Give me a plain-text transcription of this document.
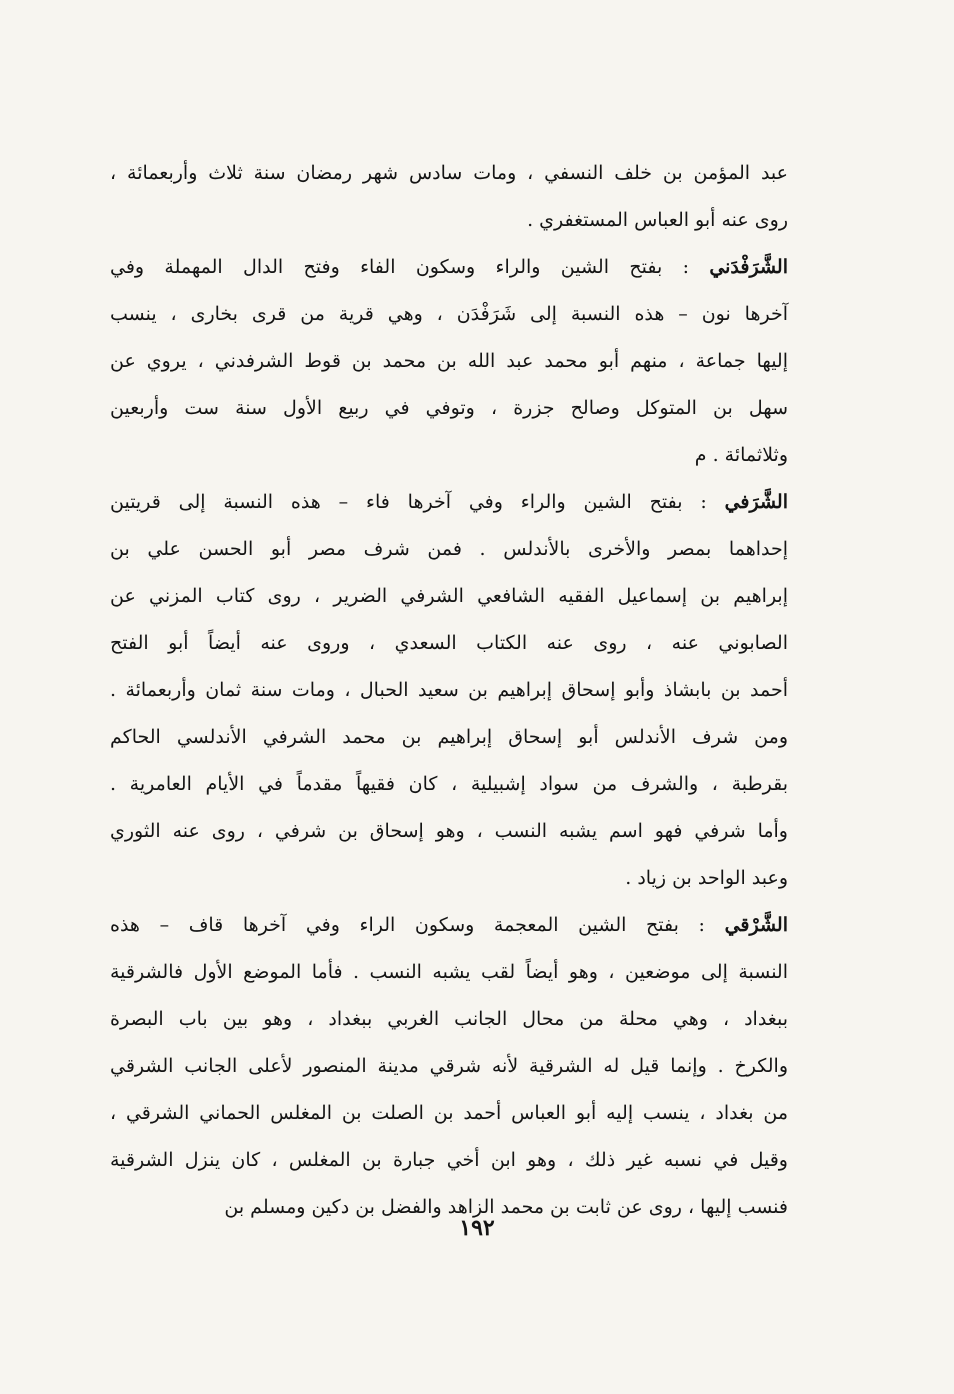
عبد المؤمن بن خلف النسفي ، ومات سادس شهر رمضان سنة ثلاث وأربعمائة ،
روى عنه أبو العباس المستغفري .
الشَّرَفْدَني : بفتح الشين والراء وسكون الفاء وفتح الدال المهملة وفي
آخرها نون – هذه النسبة إلى شَرَفْدَن ، وهي قرية من قرى بخارى ، ينسب
إليها جماعة ، منهم أبو محمد عبد الله بن محمد بن قوط الشرفدني ، يروي عن
سهل بن المتوكل وصالح جزرة ، وتوفي في ربيع الأول سنة ست وأربعين
وثلاثمائة . م
الشَّرَفي : بفتح الشين والراء وفي آخرها فاء – هذه النسبة إلى قريتين
إحداهما بمصر والأخرى بالأندلس . فمن شرف مصر أبو الحسن علي بن
إبراهيم بن إسماعيل الفقيه الشافعي الشرفي الضرير ، روى كتاب المزني عن
الصابوني عنه ، روى عنه الكتاب السعدي ، وروى عنه أيضاً أبو الفتح
أحمد بن بابشاذ وأبو إسحاق إبراهيم بن سعيد الحبال ، ومات سنة ثمان وأربعمائة .
ومن شرف الأندلس أبو إسحاق إبراهيم بن محمد الشرفي الأندلسي الحاكم
بقرطبة ، والشرف من سواد إشبيلية ، كان فقيهاً مقدماً في الأيام العامرية .
وأما شرفي فهو اسم يشبه النسب ، وهو إسحاق بن شرفي ، روى عنه الثوري
وعبد الواحد بن زياد .
الشَّرْقي : بفتح الشين المعجمة وسكون الراء وفي آخرها قاف – هذه
النسبة إلى موضعين ، وهو أيضاً لقب يشبه النسب . فأما الموضع الأول فالشرقية
ببغداد ، وهي محلة من محال الجانب الغربي ببغداد ، وهو بين باب البصرة
والكرخ . وإنما قيل له الشرقية لأنه شرقي مدينة المنصور لأعلى الجانب الشرقي
من بغداد ، ينسب إليه أبو العباس أحمد بن الصلت بن المغلس الحماني الشرقي ،
وقيل في نسبه غير ذلك ، وهو ابن أخي جبارة بن المغلس ، كان ينزل الشرقية
فنسب إليها ، روى عن ثابت بن محمد الزاهد والفضل بن دكين ومسلم بن
١٩٢
